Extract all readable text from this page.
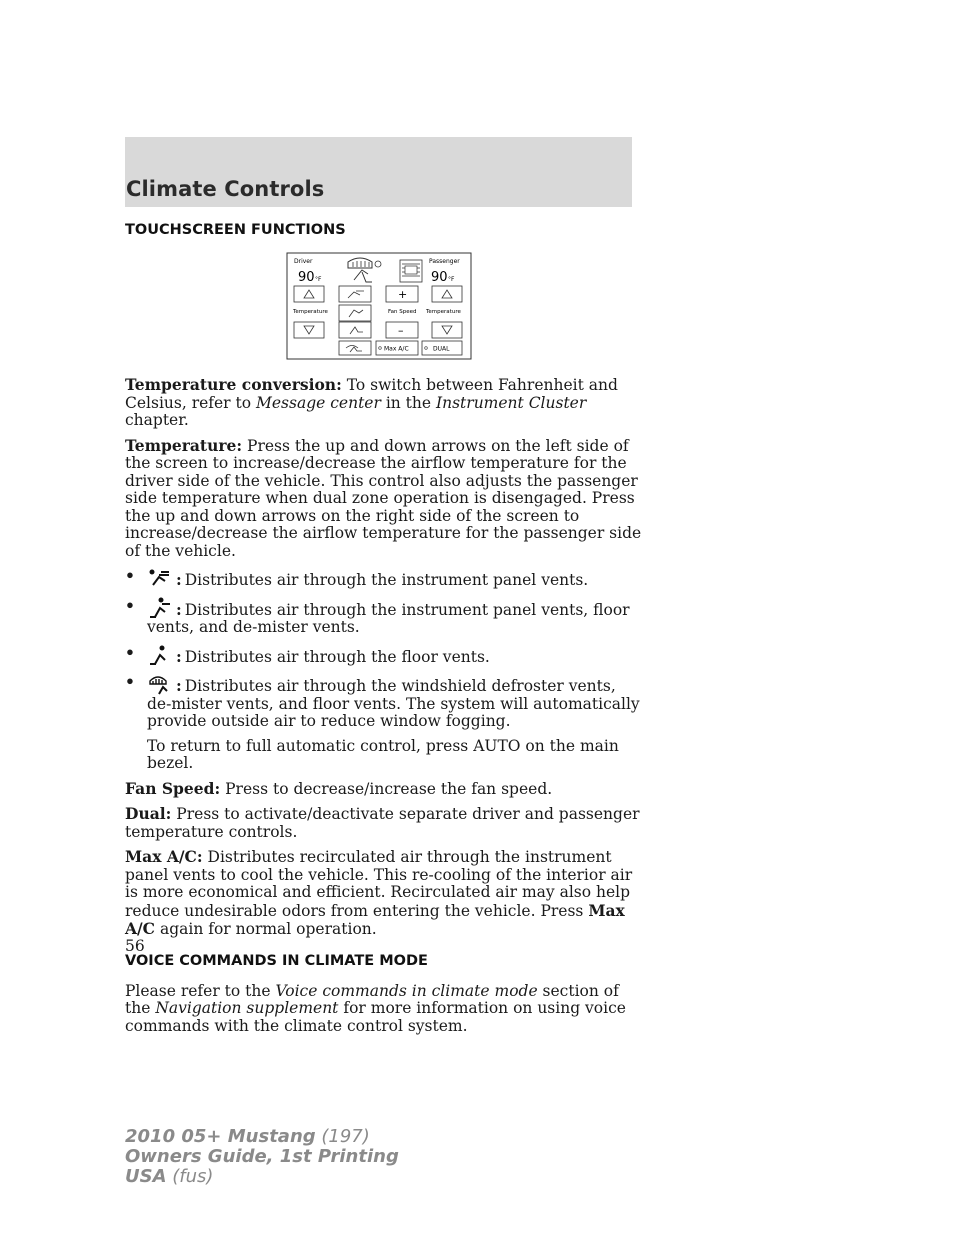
Climate Controls
TOUCHSCREEN FUNCTIONS
Driver	Passenger
90 °F	90 °F
+
Temperature	Fan Speed Temperature
–
Max A/C	DUAL

Temperature conversion: To switch between Fahrenheit and Celsius, refer to Message center in the Instrument Cluster chapter.

Temperature: Press the up and down arrows on the left side of the screen to increase/decrease the airflow temperature for the driver side of the vehicle. This control also adjusts the passenger side temperature when dual zone operation is disengaged. Press the up and down arrows on the right side of the screen to increase/decrease the airflow temperature for the passenger side of the vehicle.

•	: Distributes air through the instrument panel vents.
•	: Distributes air through the instrument panel vents, floor vents, and de-mister vents.
•	: Distributes air through the floor vents.
•	: Distributes air through the windshield defroster vents, de-mister vents, and floor vents. The system will automatically provide outside air to reduce window fogging.

To return to full automatic control, press AUTO on the main bezel.

Fan Speed: Press to decrease/increase the fan speed.

Dual: Press to activate/deactivate separate driver and passenger temperature controls.

Max A/C: Distributes recirculated air through the instrument panel vents to cool the vehicle. This re-cooling of the interior air is more economical and efficient. Recirculated air may also help reduce undesirable odors from entering the vehicle. Press Max A/C again for normal operation.

VOICE COMMANDS IN CLIMATE MODE

Please refer to the Voice commands in climate mode section of the Navigation supplement for more information on using voice commands with the climate control system.

56
2010 05+ Mustang (197)
Owners Guide, 1st Printing
USA (fus)
